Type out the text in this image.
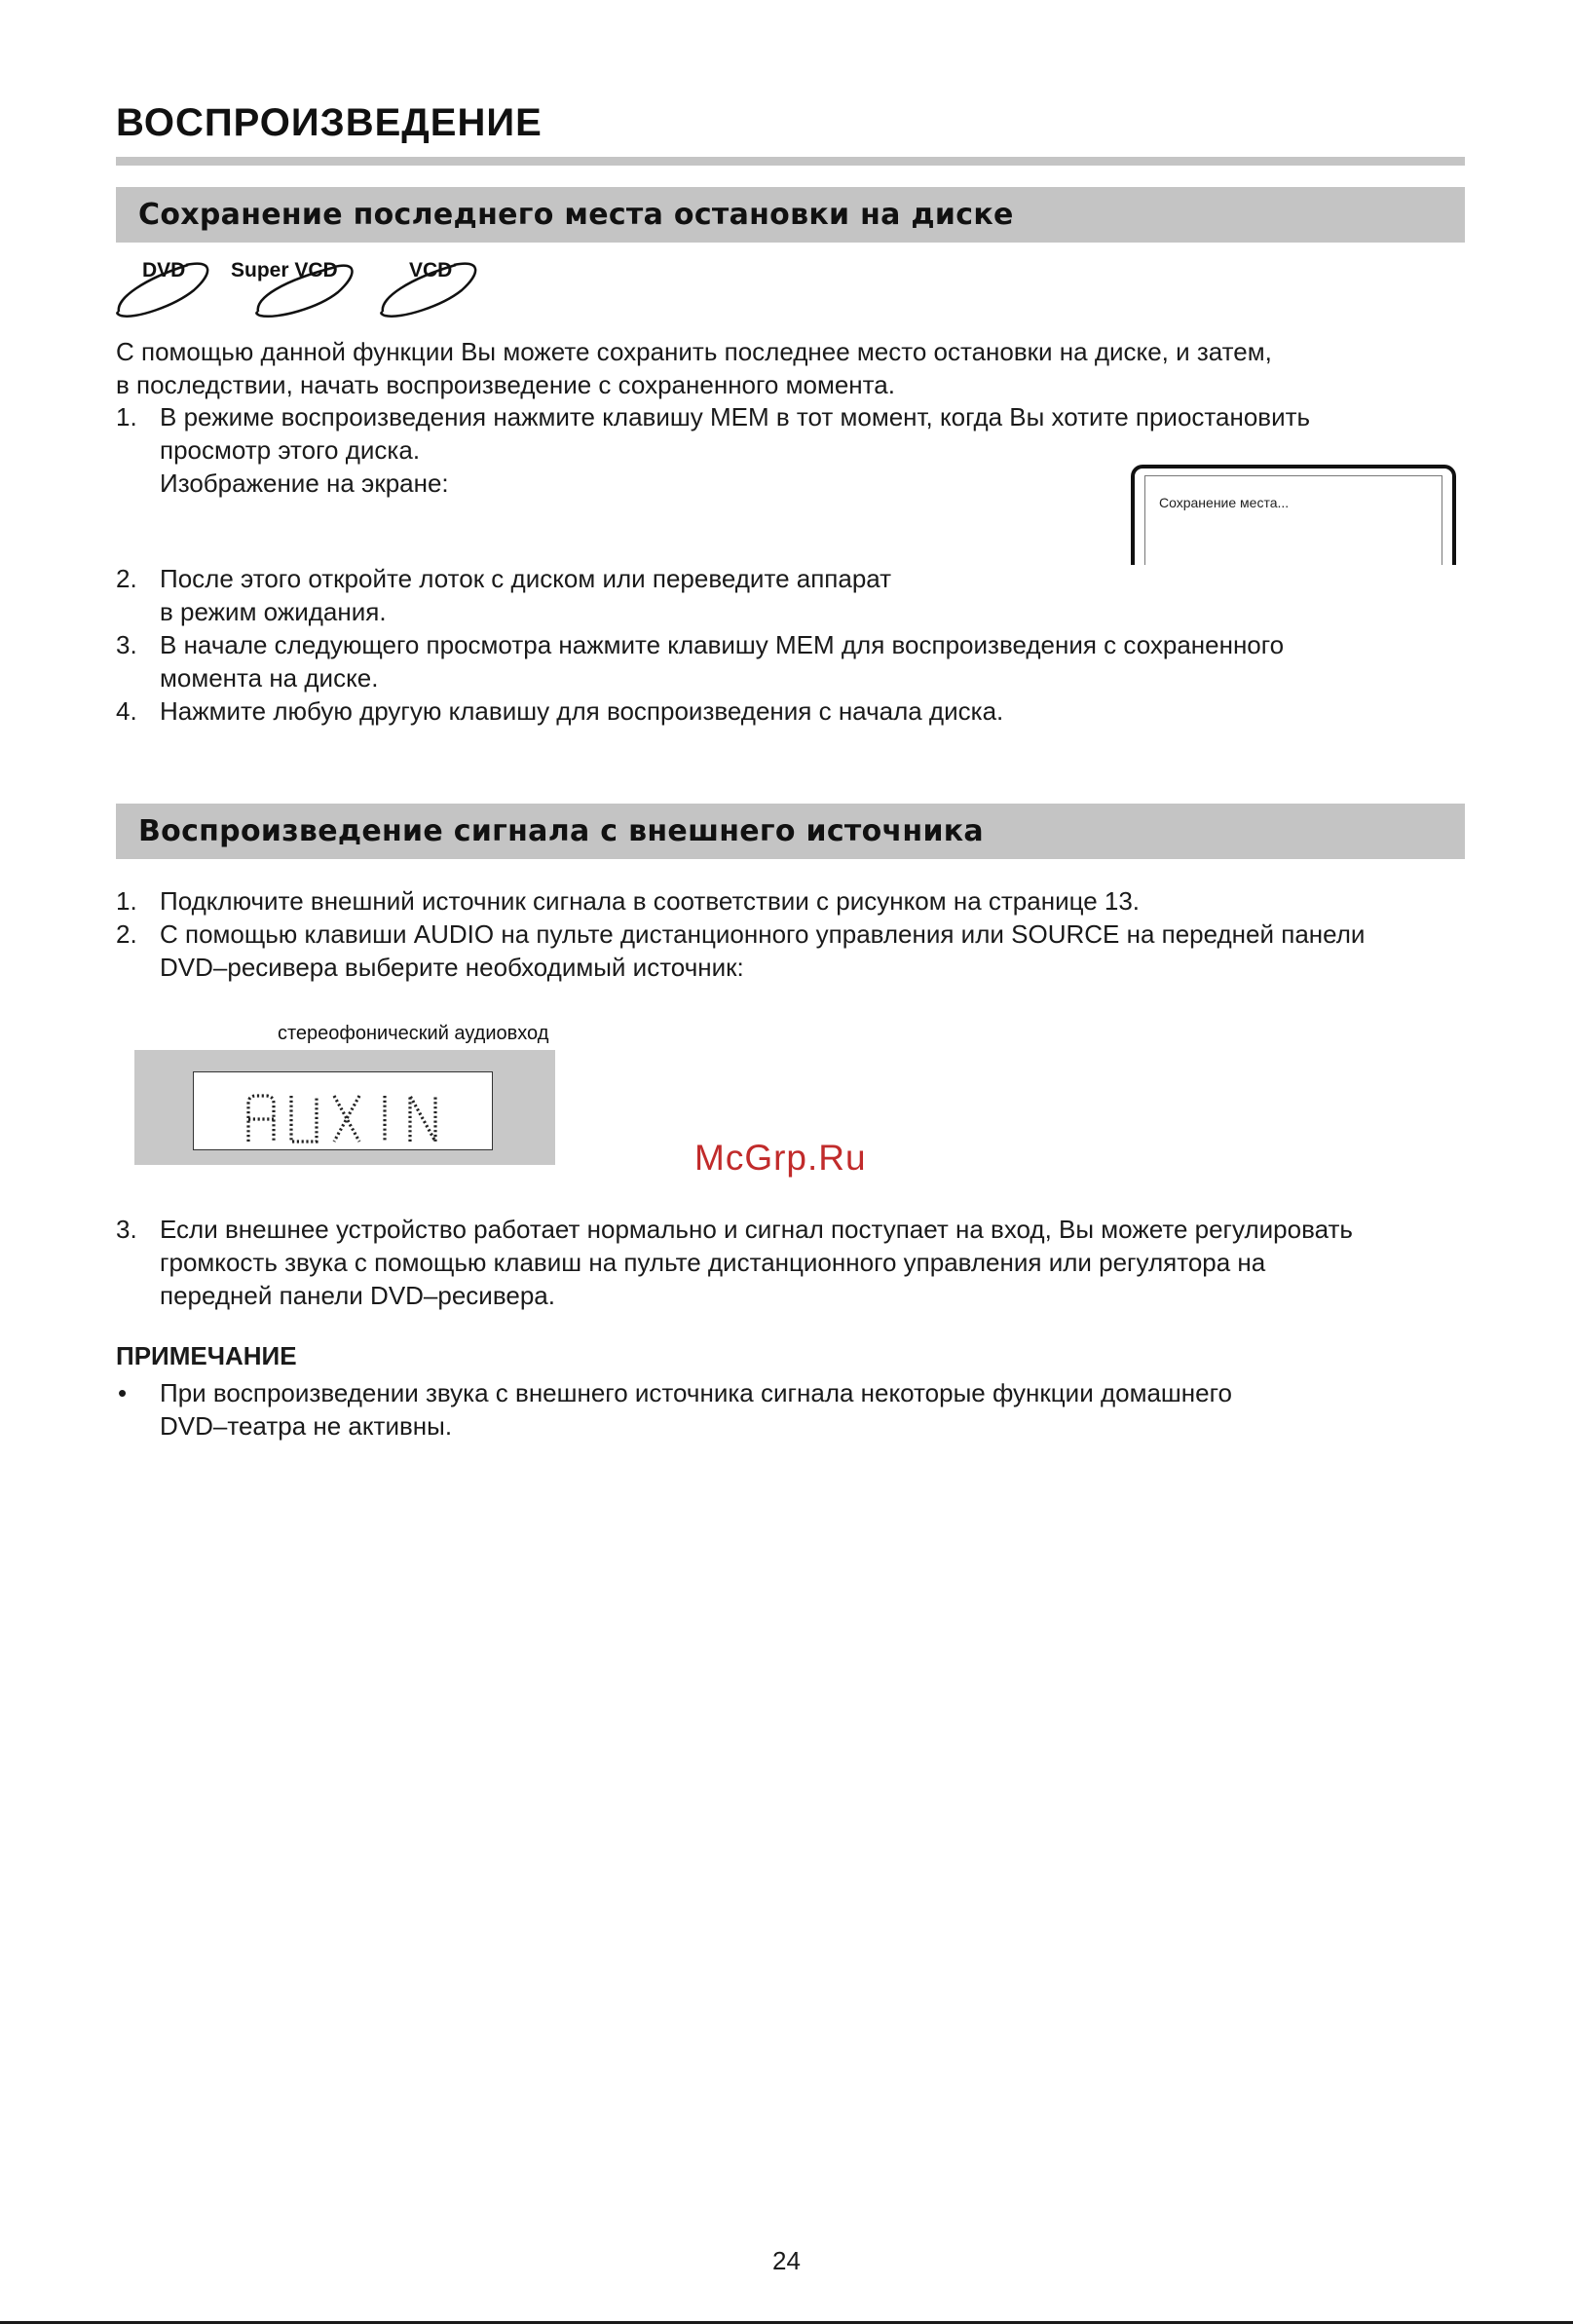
ВОСПРОИЗВЕДЕНИЕ
Сохранение последнего места остановки на диске
DVD Super VCD	VCD

С помощью данной функции Вы можете сохранить последнее место остановки на диске, и затем,

в последствии, начать воспроизведение с сохраненного момента.

1. В режиме воспроизведения нажмите клавишу MEM в тот момент, когда Вы хотите приостановить
просмотр этого диска.
Изображение на экране:
Сохранение места...
2. После этого откройте лоток с диском или переведите аппарат
в режим ожидания.
3. В начале следующего просмотра нажмите клавишу MEM для воспроизведения с сохраненного
момента на диске.
4. Нажмите любую другую клавишу для воспроизведения с начала диска.
Воспроизведение сигнала с внешнего источника
1. Подключите внешний источник сигнала в соответствии с рисунком на странице 13.
2. С помощью клавиши AUDIO на пульте дистанционного управления или SOURCE на передней панели
DVD–ресивера выберите необходимый источник:
стереофонический аудиовход
McGrp.Ru
3. Если внешнее устройство работает нормально и сигнал поступает на вход, Вы можете регулировать
громкость звука с помощью клавиш на пульте дистанционного управления или регулятора на
передней панели DVD–ресивера.
ПРИМЕЧАНИЕ
• При воспроизведении звука с внешнего источника сигнала некоторые функции домашнего
DVD–театра не активны.
24
